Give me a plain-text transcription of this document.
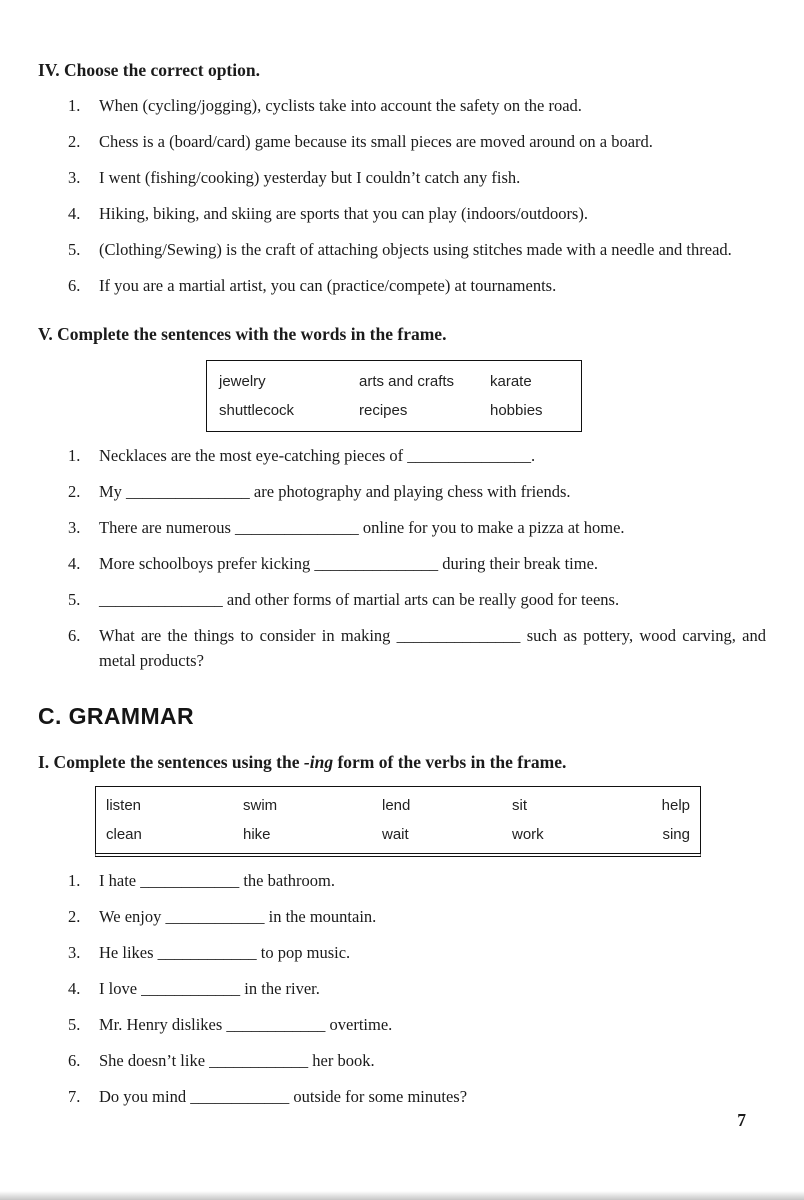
IV. Choose the correct option.
1.	When (cycling/jogging), cyclists take into account the safety on the road.
2.	Chess is a (board/card) game because its small pieces are moved around on a board.
3.	I went (fishing/cooking) yesterday but I couldn’t catch any fish.
4.	Hiking, biking, and skiing are sports that you can play (indoors/outdoors).
5.	(Clothing/Sewing) is the craft of attaching objects using stitches made with a needle and thread.
6.	If you are a martial artist, you can (practice/compete) at tournaments.
V. Complete the sentences with the words in the frame.
jewelry	arts and crafts	karate
shuttlecock	recipes	hobbies
1.	Necklaces are the most eye-catching pieces of _______________.
2.	My _______________ are photography and playing chess with friends.
3.	There are numerous _______________ online for you to make a pizza at home.
4.	More schoolboys prefer kicking _______________ during their break time.
5.	_______________ and other forms of martial arts can be really good for teens.
6.	What are the things to consider in making _______________ such as pottery, wood carving, and metal products?
C. GRAMMAR
I. Complete the sentences using the -ing form of the verbs in the frame.
listen	swim	lend	sit	help
clean	hike	wait	work	sing
1.	I hate ____________ the bathroom.
2.	We enjoy ____________ in the mountain.
3.	He likes ____________ to pop music.
4.	I love ____________ in the river.
5.	Mr. Henry dislikes ____________ overtime.
6.	She doesn’t like ____________ her book.
7.	Do you mind ____________ outside for some minutes?
7
